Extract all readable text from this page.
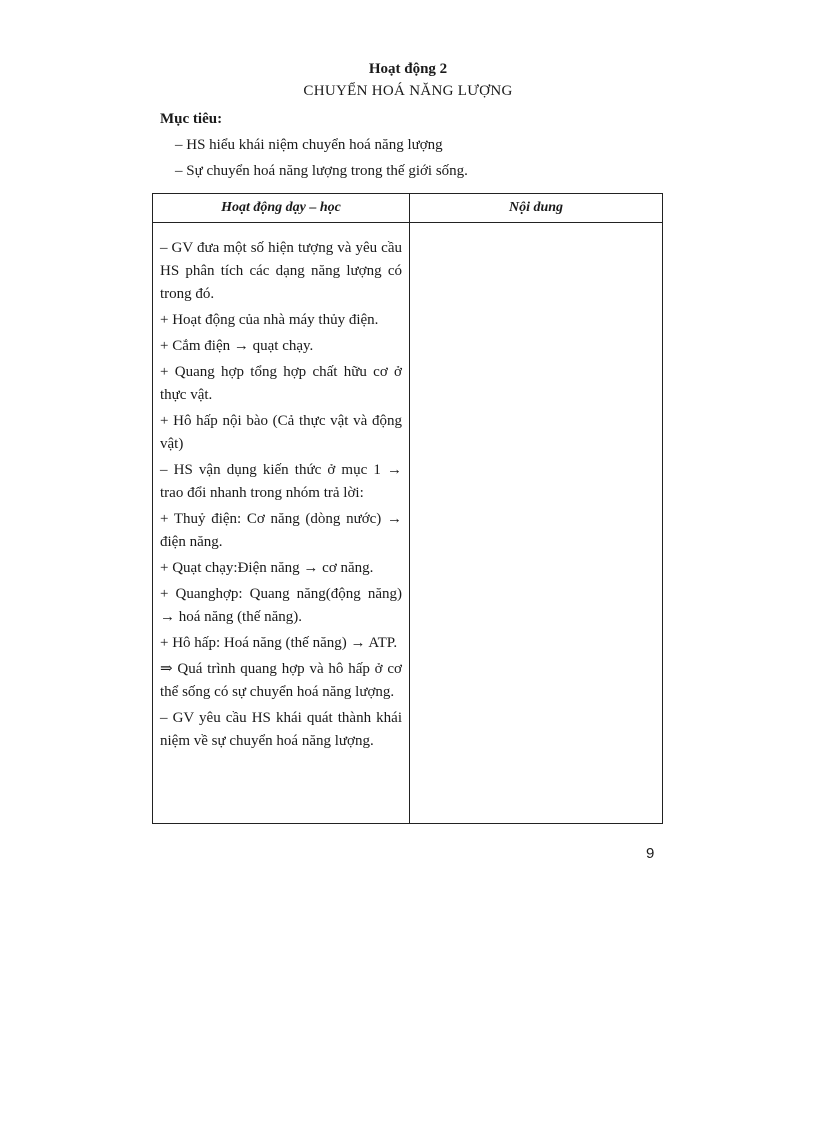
Hoạt động 2
CHUYỂN HOÁ NĂNG LƯỢNG
Mục tiêu:
– HS hiểu khái niệm chuyển hoá năng lượng
– Sự chuyển hoá năng lượng trong thế giới sống.
Hoạt động dạy – học	Nội dung

– GV đưa một số hiện tượng và yêu cầu HS phân tích các dạng năng lượng có trong đó.

+ Hoạt động của nhà máy thủy điện.

+ Cắm điện → quạt chạy.

+ Quang hợp tổng hợp chất hữu cơ ở thực vật.

+ Hô hấp nội bào (Cả thực vật và động vật)

– HS vận dụng kiến thức ở mục 1 → trao đổi nhanh trong nhóm trả lời:

+ Thuỷ điện: Cơ năng (dòng nước) → điện năng.

+ Quạt chạy:Điện năng → cơ năng.

+ Quanghợp: Quang năng(động năng) → hoá năng (thế năng).

+ Hô hấp: Hoá năng (thế năng) → ATP.

⇒ Quá trình quang hợp và hô hấp ở cơ thể sống có sự chuyển hoá năng lượng.

– GV yêu cầu HS khái quát thành khái niệm về sự chuyển hoá năng lượng.

9
